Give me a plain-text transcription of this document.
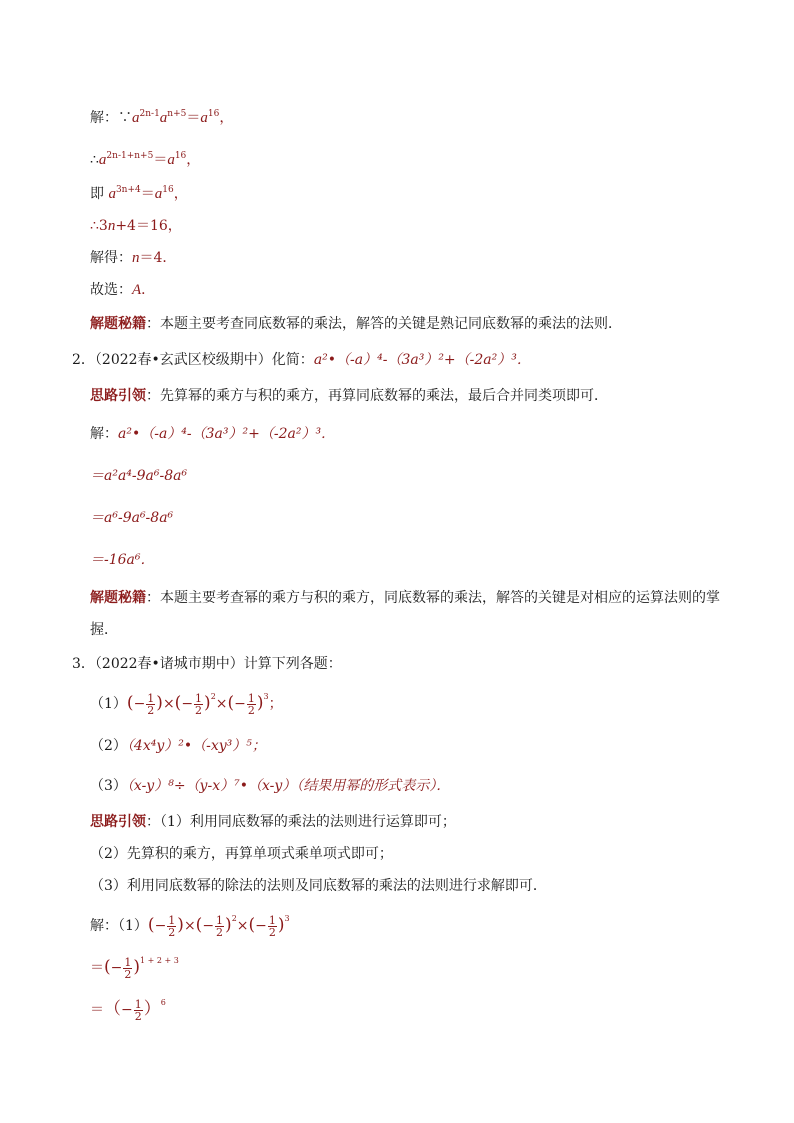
解：$\because a^{2n-1}a^{n+5}=a^{16}$，
$\therefore a^{2n-1+n+5}=a^{16}$，
即 $a^{3n+4}=a^{16}$，
∴3n+4＝16，
解得：n＝4．
故选：A．
解题秘籍：本题主要考查同底数幂的乘法，解答的关键是熟记同底数幂的乘法的法则．
2．（2022春•玄武区校级期中）化简：a²•（-a）⁴-（3a³）²+（-2a²）³．
思路引领：先算幂的乘方与积的乘方，再算同底数幂的乘法，最后合并同类项即可．
解：a²•（-a）⁴-（3a³）²+（-2a²）³．
＝a²a⁴-9a⁶-8a⁶
＝a⁶-9a⁶-8a⁶
＝-16a⁶．
解题秘籍：本题主要考查幂的乘方与积的乘方，同底数幂的乘法，解答的关键是对相应的运算法则的掌
握．
3．（2022春•诸城市期中）计算下列各题：
$(1)(- \frac{1}{2}$ )×(− $\frac{1}{2} )^2\times(- \frac{1}{2} )^3$；
（2）（4x⁴y）²•（-xy³）⁵；
（3）（x-y）⁸÷（y-x）⁷•（x-y）（结果用幂的形式表示）．
思路引领：（1）利用同底数幂的乘法的法则进行运算即可；
（2）先算积的乘方，再算单项式乘单项式即可；
（3）利用同底数幂的除法的法则及同底数幂的乘法的法则进行求解即可．
解：$(1)(- \frac{1}{2}$ )×(− $\frac{1}{2} )^2\times(- \frac{1}{2} )^3$
＝(− $\frac{1}{2} )^{1 + 2 + 3}$
＝（− $\frac{1}{2} )^6$
